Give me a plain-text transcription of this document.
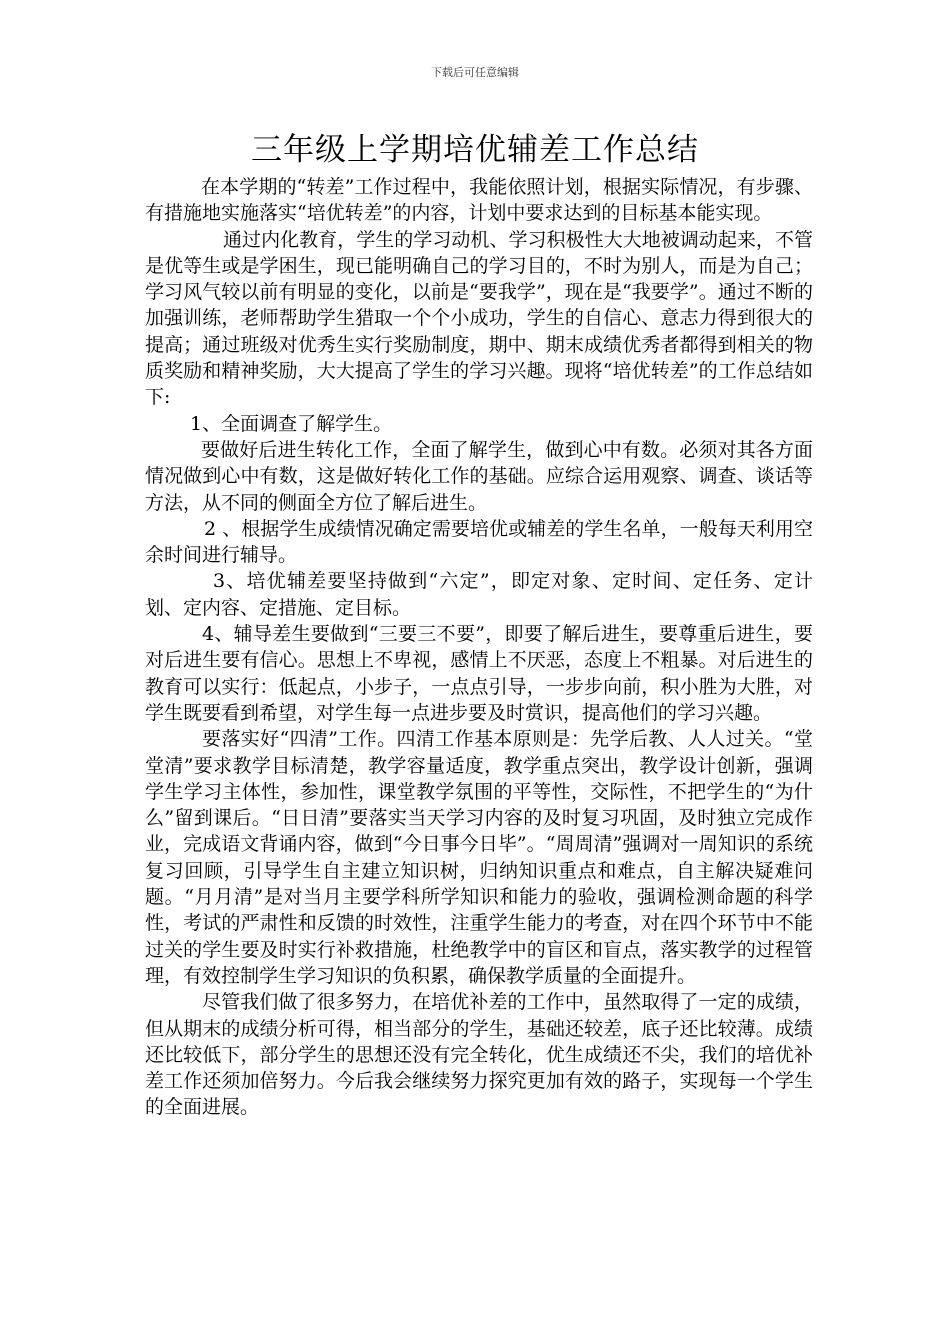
下载后可任意编辑
三年级上学期培优辅差工作总结

在本学期的“转差”工作过程中，我能依照计划，根据实际情况，有步骤、有措施地实施落实“培优转差”的内容，计划中要求达到的目标基本能实现。

通过内化教育，学生的学习动机、学习积极性大大地被调动起来，不管是优等生或是学困生，现已能明确自己的学习目的，不时为别人，而是为自己；学习风气较以前有明显的变化，以前是“要我学”，现在是“我要学”。通过不断的加强训练，老师帮助学生猎取一个个小成功，学生的自信心、意志力得到很大的提高；通过班级对优秀生实行奖励制度，期中、期末成绩优秀者都得到相关的物质奖励和精神奖励，大大提高了学生的学习兴趣。现将“培优转差”的工作总结如下:

1、全面调查了解学生。

要做好后进生转化工作，全面了解学生，做到心中有数。必须对其各方面情况做到心中有数，这是做好转化工作的基础。应综合运用观察、调查、谈话等方法，从不同的侧面全方位了解后进生。

2 、根据学生成绩情况确定需要培优或辅差的学生名单，一般每天利用空余时间进行辅导。

3、培优辅差要坚持做到“六定”，即定对象、定时间、定任务、定计划、定内容、定措施、定目标。

4、辅导差生要做到“三要三不要”，即要了解后进生，要尊重后进生，要对后进生要有信心。思想上不卑视，感情上不厌恶，态度上不粗暴。对后进生的教育可以实行：低起点，小步子，一点点引导，一步步向前，积小胜为大胜，对学生既要看到希望，对学生每一点进步要及时赏识，提高他们的学习兴趣。

要落实好“四清”工作。四清工作基本原则是：先学后教、人人过关。“堂堂清”要求教学目标清楚，教学容量适度，教学重点突出，教学设计创新，强调学生学习主体性，参加性，课堂教学氛围的平等性，交际性，不把学生的“为什么”留到课后。“日日清”要落实当天学习内容的及时复习巩固，及时独立完成作业，完成语文背诵内容，做到“今日事今日毕”。“周周清”强调对一周知识的系统复习回顾，引导学生自主建立知识树，归纳知识重点和难点，自主解决疑难问题。“月月清”是对当月主要学科所学知识和能力的验收，强调检测命题的科学性，考试的严肃性和反馈的时效性，注重学生能力的考查，对在四个环节中不能过关的学生要及时实行补救措施，杜绝教学中的盲区和盲点，落实教学的过程管理，有效控制学生学习知识的负积累，确保教学质量的全面提升。

尽管我们做了很多努力，在培优补差的工作中，虽然取得了一定的成绩，但从期末的成绩分析可得，相当部分的学生，基础还较差，底子还比较薄。成绩还比较低下，部分学生的思想还没有完全转化，优生成绩还不尖，我们的培优补差工作还须加倍努力。今后我会继续努力探究更加有效的路子，实现每一个学生的全面进展。
